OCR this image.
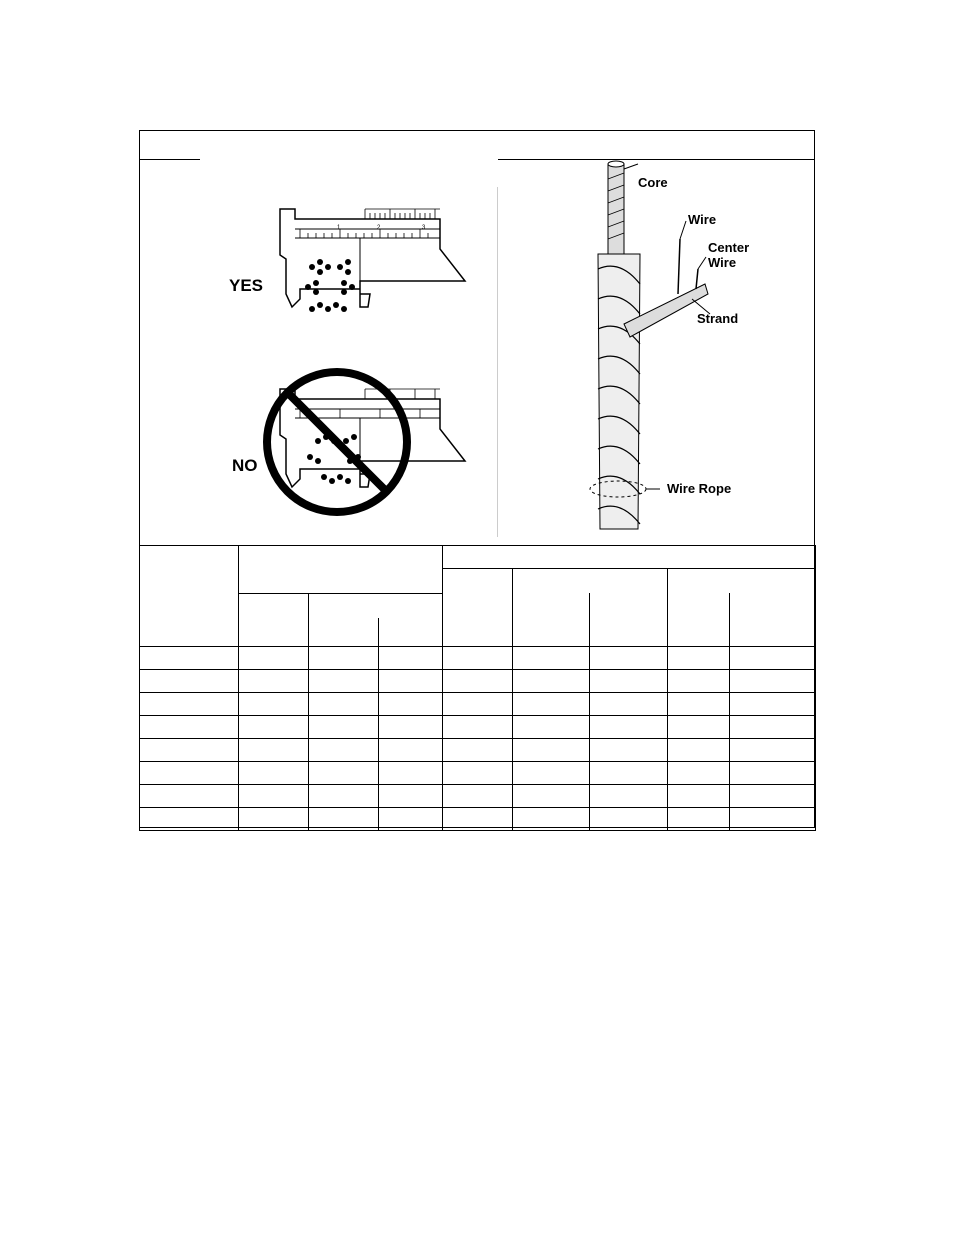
1	2	3
YES
NO
Core
Wire
Center
Wire
Strand
Wire Rope
